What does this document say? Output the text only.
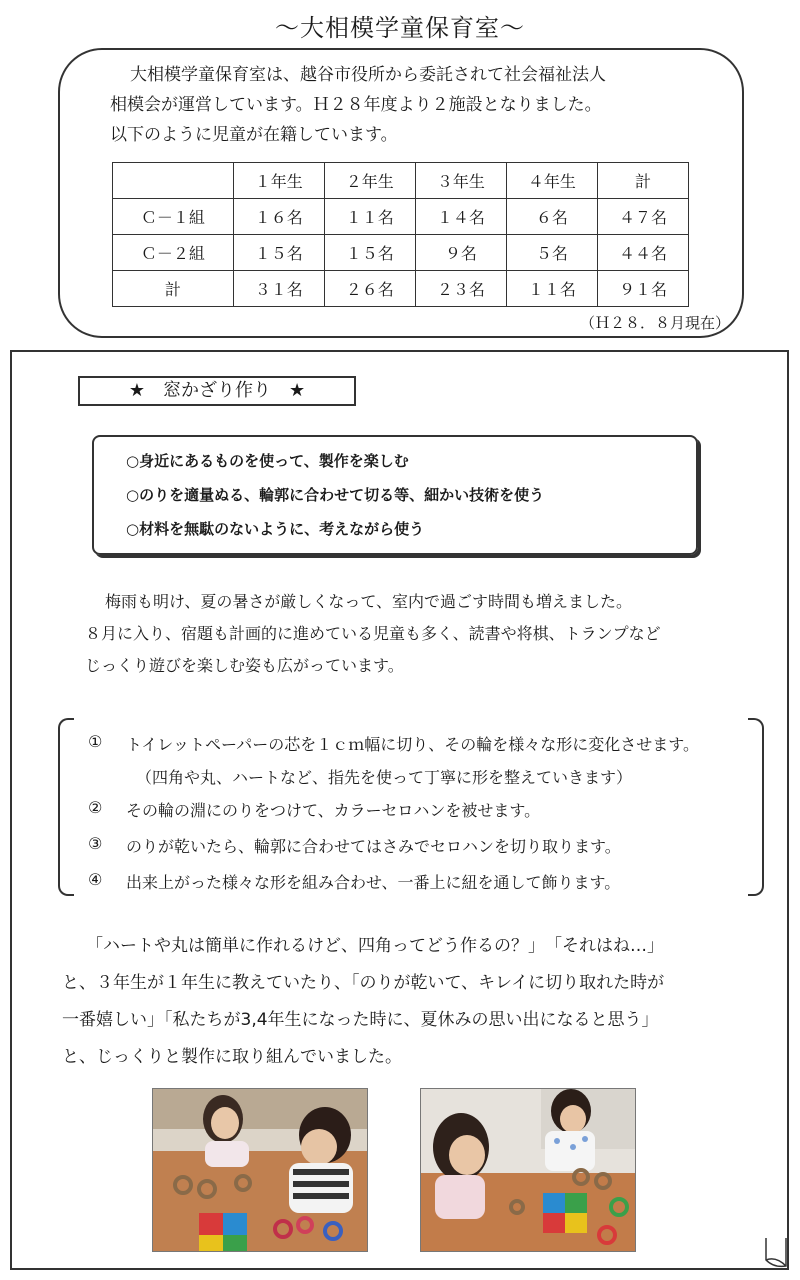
～大相模学童保育室～
大相模学童保育室は、越谷市役所から委託されて社会福祉法人
相模会が運営しています。Ｈ２８年度より２施設となりました。
以下のように児童が在籍しています。
	１年生	２年生	３年生	４年生	計
Ｃ－１組	１６名	１１名	１４名	６名	４７名
Ｃ－２組	１５名	１５名	９名	５名	４４名
計	３１名	２６名	２３名	１１名	９１名
（Ｈ２８．８月現在）
★　窓かざり作り　★
○身近にあるものを使って、製作を楽しむ
○のりを適量ぬる、輪郭に合わせて切る等、細かい技術を使う
○材料を無駄のないように、考えながら使う
梅雨も明け、夏の暑さが厳しくなって、室内で過ごす時間も増えました。
８月に入り、宿題も計画的に進めている児童も多く、読書や将棋、トランプなど
じっくり遊びを楽しむ姿も広がっています。
① トイレットペーパーの芯を１ｃｍ幅に切り、その輪を様々な形に変化させます。
（四角や丸、ハートなど、指先を使って丁寧に形を整えていきます）
② その輪の淵にのりをつけて、カラーセロハンを被せます。
③ のりが乾いたら、輪郭に合わせてはさみでセロハンを切り取ります。
④ 出来上がった様々な形を組み合わせ、一番上に紐を通して飾ります。
「ハートや丸は簡単に作れるけど、四角ってどう作るの？」　「それはね…」
と、３年生が１年生に教えていたり、「のりが乾いて、キレイに切り取れた時が
一番嬉しい」「私たちが3,4年生になった時に、夏休みの思い出になると思う」
と、じっくりと製作に取り組んでいました。
